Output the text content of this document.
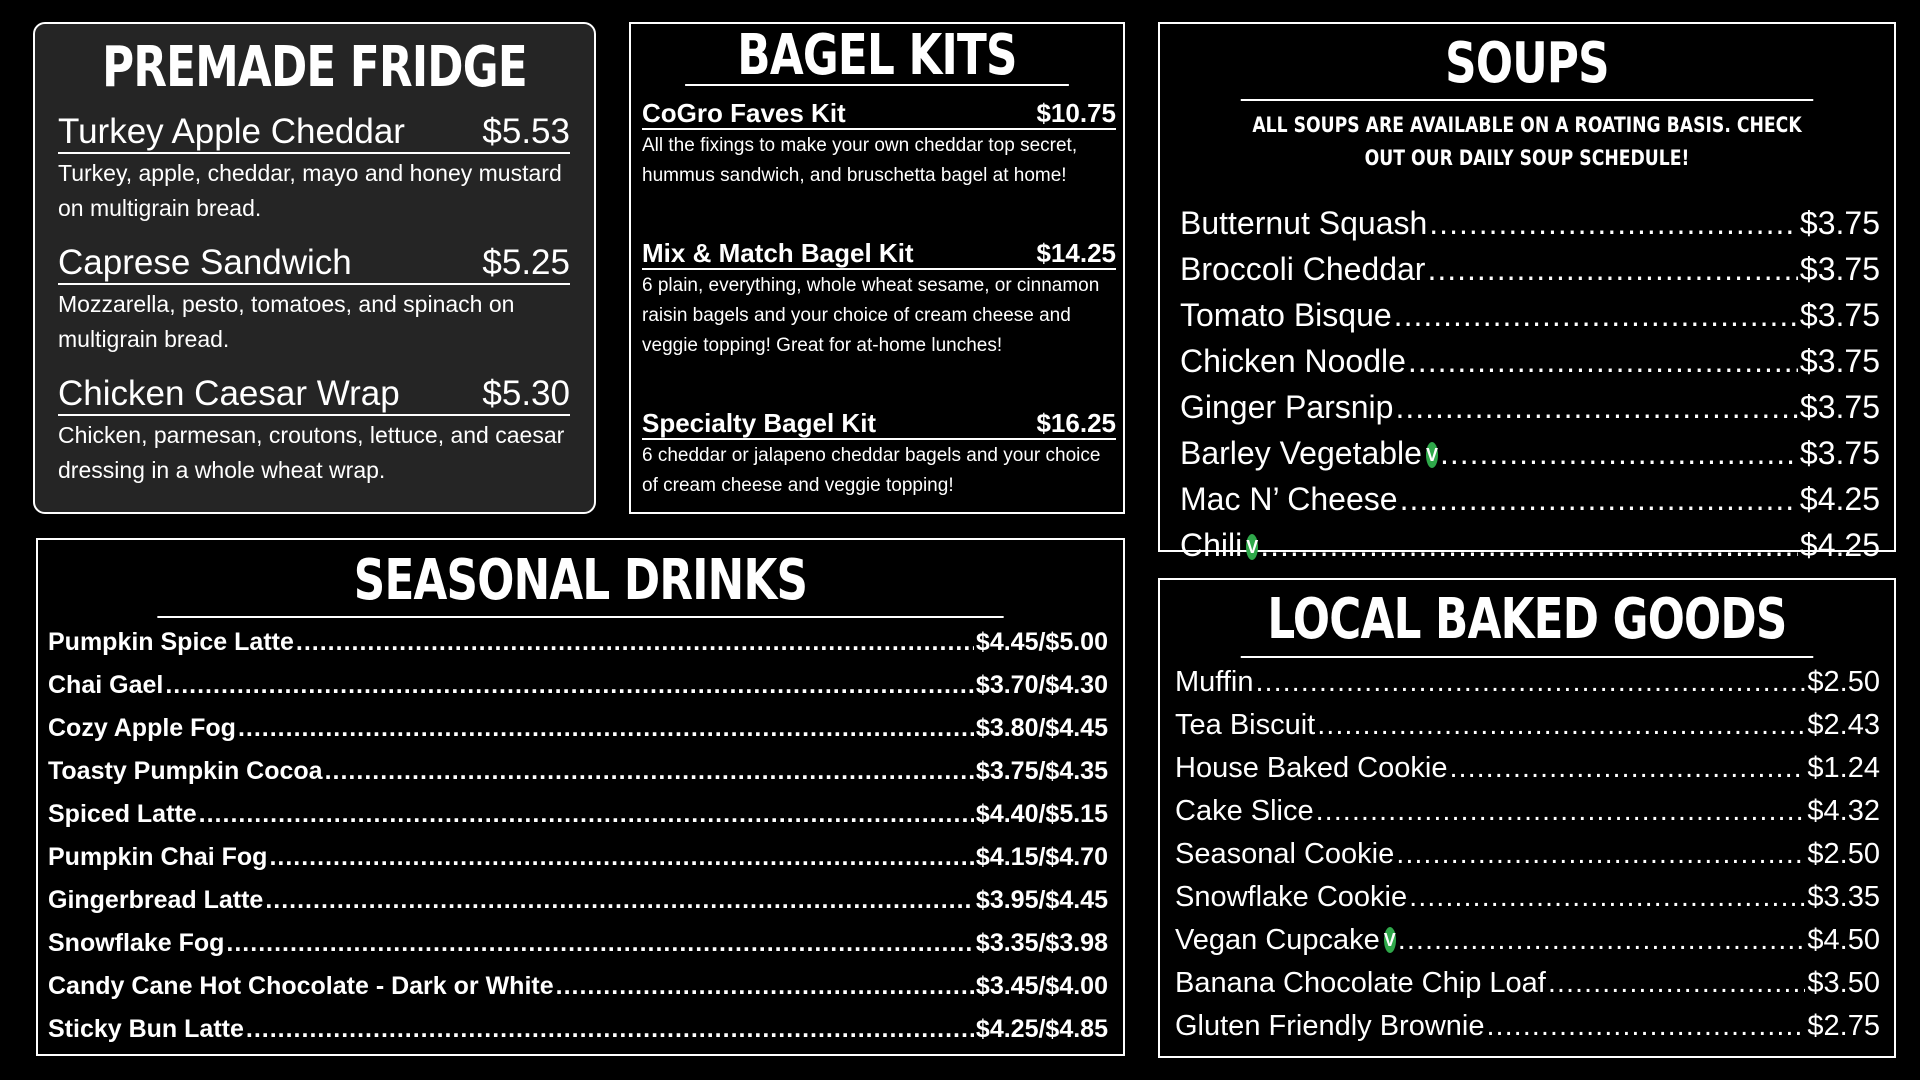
PREMADE FRIDGE
Turkey Apple Cheddar $5.53
Turkey, apple, cheddar, mayo and honey mustard on multigrain bread.
Caprese Sandwich	$5.25
Mozzarella, pesto, tomatoes, and spinach on multigrain bread.
Chicken Caesar Wrap $5.30
Chicken, parmesan, croutons, lettuce, and caesar dressing in a whole wheat wrap.
BAGEL KITS
CoGro Faves Kit	$10.75
All the fixings to make your own cheddar top secret, hummus sandwich, and bruschetta bagel at home!
Mix & Match Bagel Kit	$14.25
6 plain, everything, whole wheat sesame, or cinnamon raisin bagels and your choice of cream cheese and veggie topping! Great for at-home lunches!
Specialty Bagel Kit	$16.25
6 cheddar or jalapeno cheddar bagels and your choice of cream cheese and veggie topping!
SOUPS
ALL SOUPS ARE AVAILABLE ON A ROATING BASIS. CHECK OUT OUR DAILY SOUP SCHEDULE!
Butternut Squash .....	$3.75
Broccoli Cheddar .....	$3.75
Tomato Bisque .....	$3.75
Chicken Noodle .....	$3.75
Ginger Parsnip .....	$3.75
Barley Vegetable V .....	$3.75
Mac N’ Cheese .....	$4.25
Chili V .....	$4.25
SEASONAL DRINKS
Pumpkin Spice Latte .....	$4.45/$5.00
Chai Gael .....	$3.70/$4.30
Cozy Apple Fog .....	$3.80/$4.45
Toasty Pumpkin Cocoa .....	$3.75/$4.35
Spiced Latte .....	$4.40/$5.15
Pumpkin Chai Fog .....	$4.15/$4.70
Gingerbread Latte .....	$3.95/$4.45
Snowflake Fog .....	$3.35/$3.98
Candy Cane Hot Chocolate - Dark or White .....	$3.45/$4.00
Sticky Bun Latte .....	$4.25/$4.85
LOCAL BAKED GOODS
Muffin .....	$2.50
Tea Biscuit .....	$2.43
House Baked Cookie .....	$1.24
Cake Slice .....	$4.32
Seasonal Cookie .....	$2.50
Snowflake Cookie .....	$3.35
Vegan Cupcake V .....	$4.50
Banana Chocolate Chip Loaf .....	$3.50
Gluten Friendly Brownie .....	$2.75
